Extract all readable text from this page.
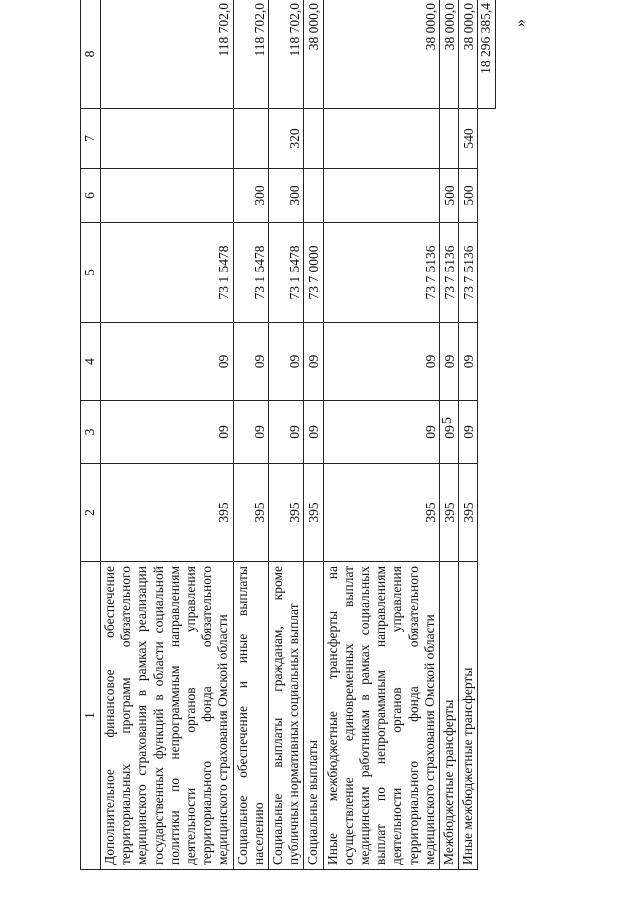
5
»
1	2	3	4	5	6	7	8
Дополнительное финансовое обеспечение территориальных программ обязательного медицинского страхования в рамках реализации государственных функций в области социальной политики по непрограммным направлениям деятельности органов управления территориального фонда обязательного медицинского страхования Омской области	395	09	09	73 1 5478			118 702,0
Социальное обеспечение и иные выплаты населению	395	09	09	73 1 5478	300		118 702,0
Социальные выплаты гражданам, кроме публичных нормативных социальных выплат	395	09	09	73 1 5478	300	320	118 702,0
Социальные выплаты	395	09	09	73 7 0000			38 000,0
Иные межбюджетные трансферты на осуществление единовременных выплат медицинским работникам в рамках социальных выплат по непрограммным направлениям деятельности органов управления территориального фонда обязательного медицинского страхования Омской области	395	09	09	73 7 5136			38 000,0
Межбюджетные трансферты	395	09	09	73 7 5136	500		38 000,0
Иные межбюджетные трансферты	395	09	09	73 7 5136	500	540	38 000,0
							18 296 385,4
